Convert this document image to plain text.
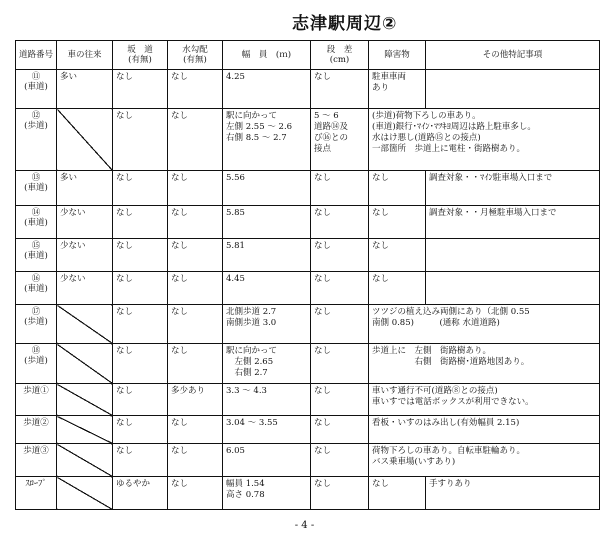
志津駅周辺②
道路番号	車の往来	坂　道
(有無)	水勾配
(有無)	幅　員　(ｍ)	段　差
(cm)	障害物	その他特記事項
⑪
(車道)	多い	なし	なし	4.25	なし	駐車車両
あり	
⑫
(歩道)		なし	なし	駅に向かって
左側 2.55 ～ 2.6
右側 8.5 ～ 2.7	5 ～ 6
道路⑭及
び⑯との
接点	(歩道)荷物下ろしの車あり。
(車道)銀行･ﾏｲﾝ･ﾏﾂｷﾖ周辺は路上駐車多し。
水はけ悪し(道路⑮との接点)
一部箇所　歩道上に電柱・街路樹あり。	
⑬
(車道)	多い	なし	なし	5.56	なし	なし	調査対象・・ﾏｲﾝ駐車場入口まで
⑭
(車道)	少ない	なし	なし	5.85	なし	なし	調査対象・・月極駐車場入口まで
⑮
(車道)	少ない	なし	なし	5.81	なし	なし	
⑯
(車道)	少ない	なし	なし	4.45	なし	なし	
⑰
(歩道)		なし	なし	北側歩道 2.7
南側歩道 3.0	なし	ツツジの植え込み両側にあり（北側 0.55
南側 0.85)　　　(通称 水道道路)	
⑱
(歩道)		なし	なし	駅に向かって
　左側 2.65
　右側 2.7	なし	歩道上に　左側　街路樹あり。
　　　　　右側　街路樹･道路地図あり。	
歩道①		なし	多少あり	3.3 ～ 4.3	なし	車いす通行不可(道路⑧との接点)
車いすでは電話ボックスが利用できない。	
歩道②		なし	なし	3.04 ～ 3.55	なし	看板・いすのはみ出し(有効幅員 2.15)	
歩道③		なし	なし	6.05	なし	荷物下ろしの車あり。自転車駐輪あり。
バス乗車場(いすあり)	
ｽﾛｰﾌﾟ		ゆるやか	なし	幅員 1.54
高さ 0.78	なし	なし	手すりあり
- 4 -
